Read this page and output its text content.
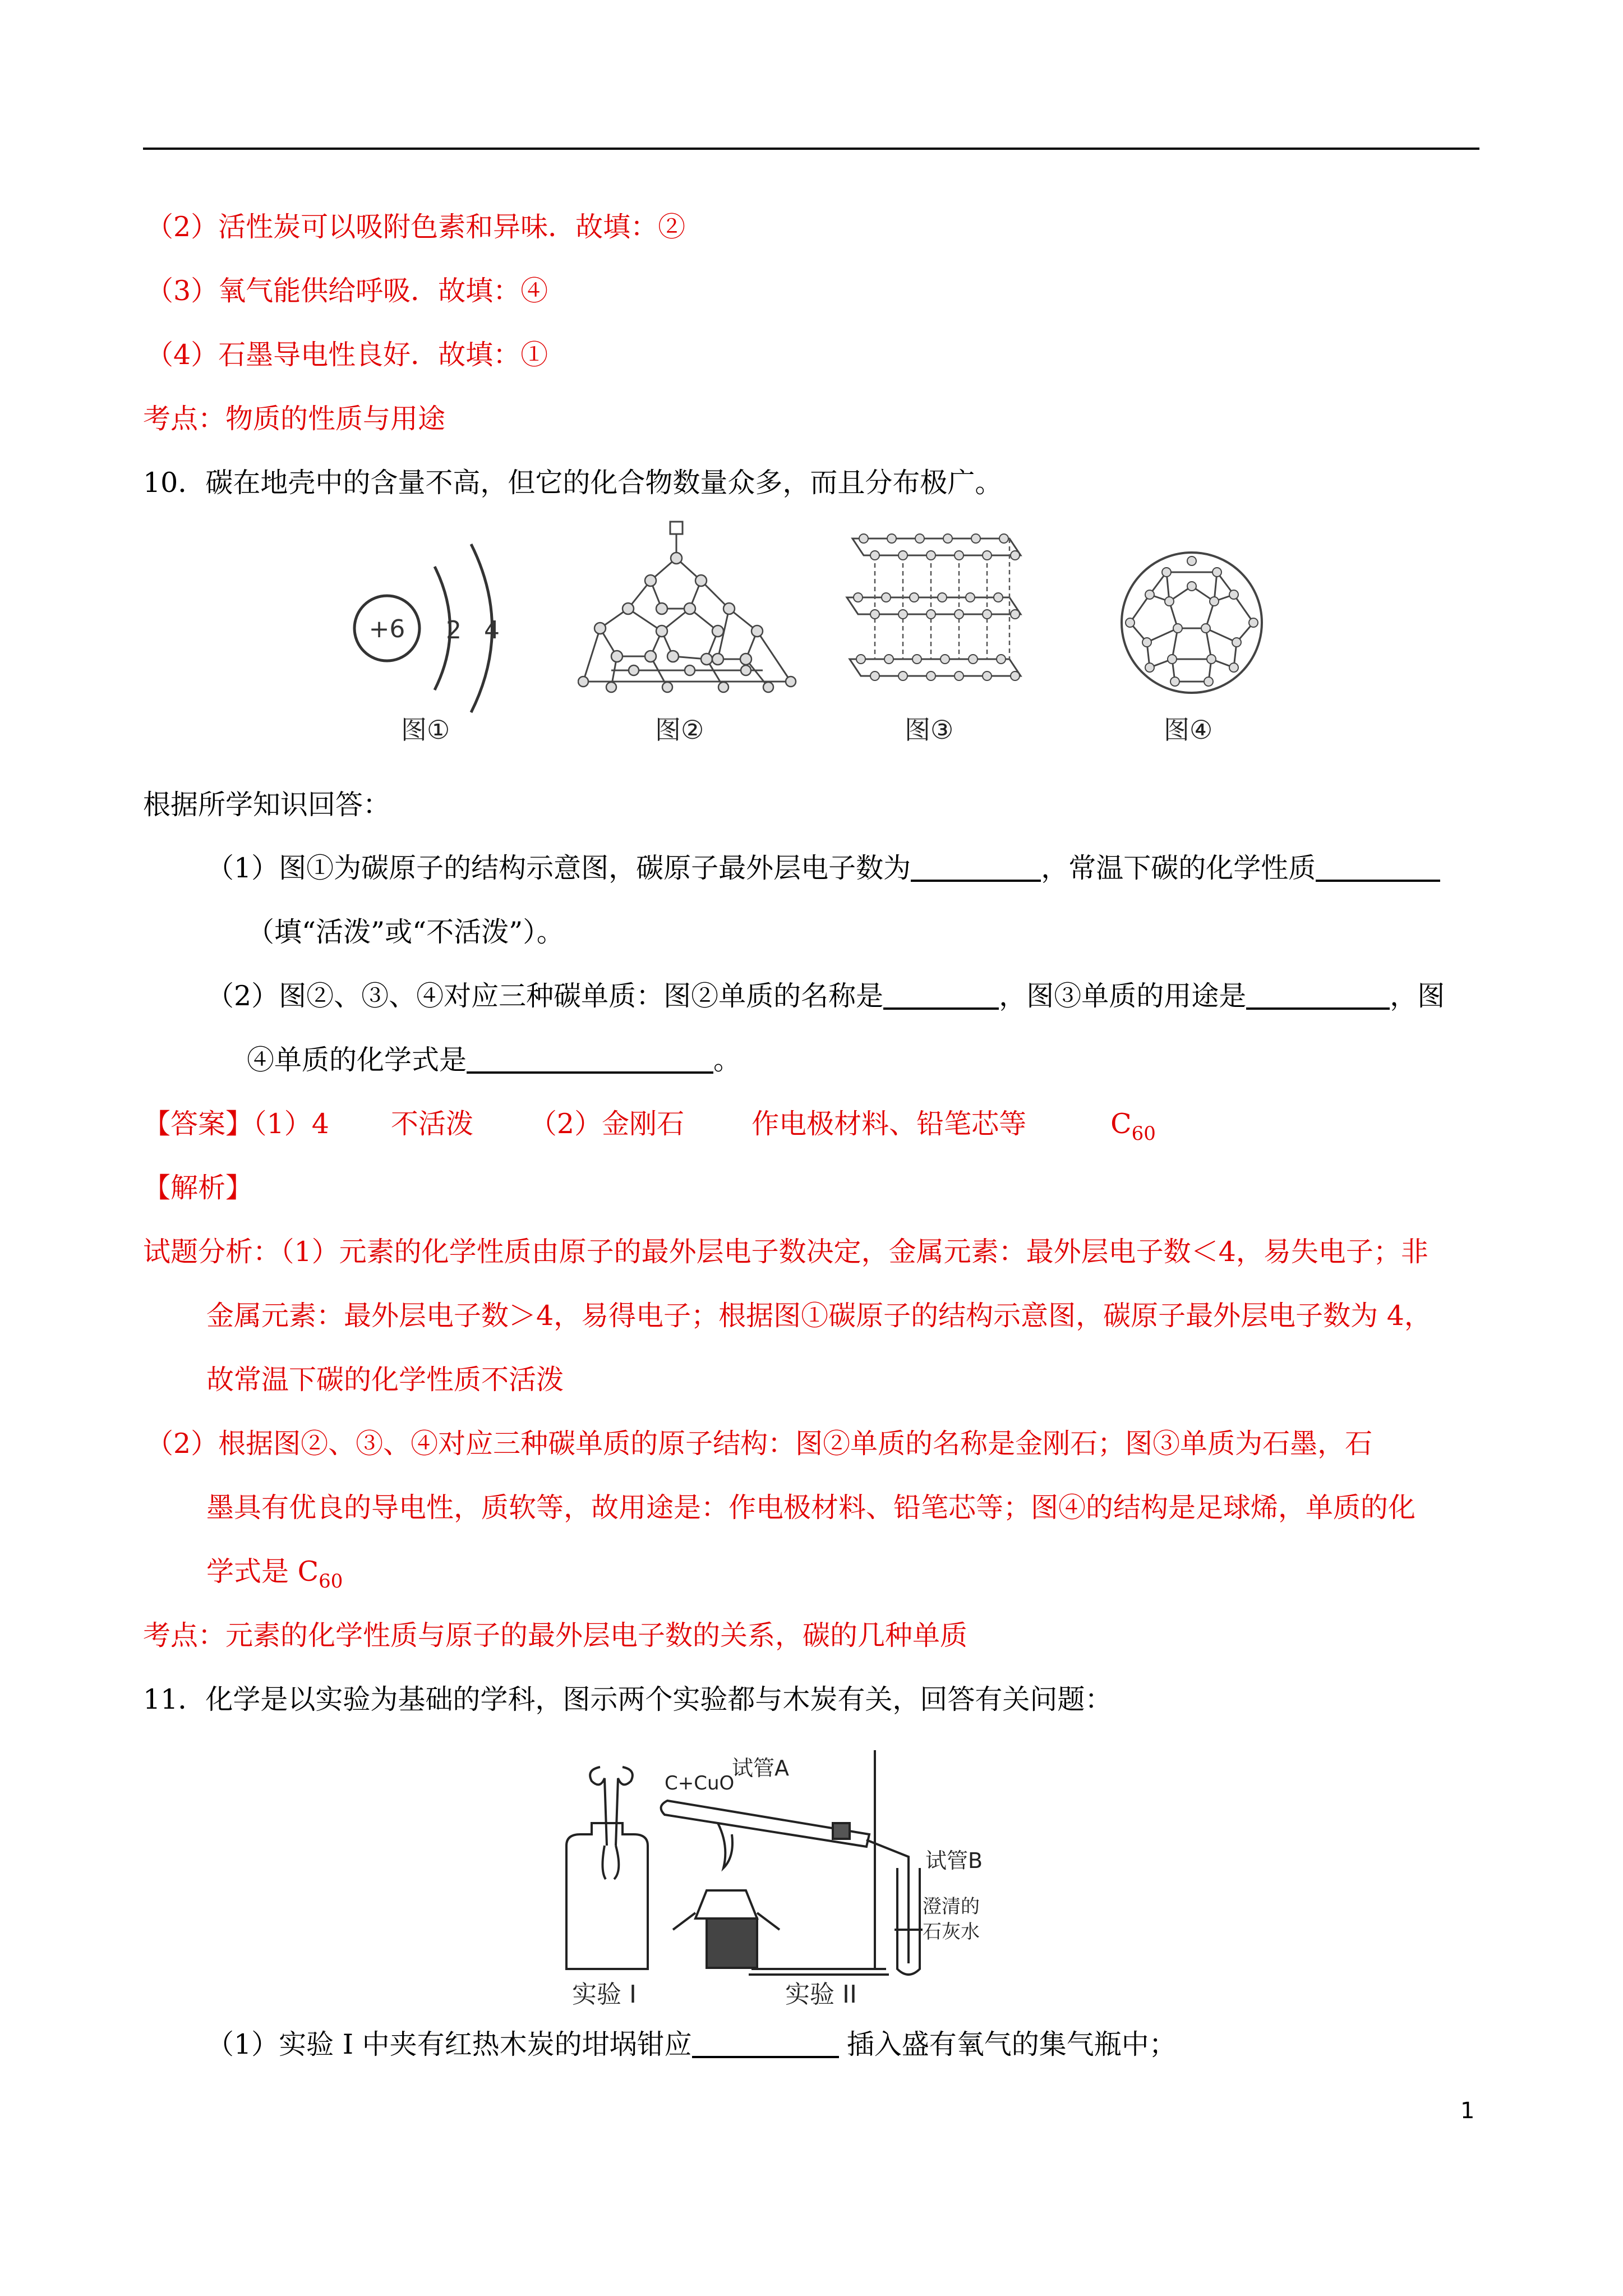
（2）活性炭可以吸附色素和异味．故填：②
（3）氧气能供给呼吸．故填：④
（4）石墨导电性良好．故填：①
考点：物质的性质与用途
10．碳在地壳中的含量不高，但它的化合物数量众多，而且分布极广。
+6 2 4
图①	图②	图③	图④
根据所学知识回答：
（1）图①为碳原子的结构示意图，碳原子最外层电子数为	，常温下碳的化学性质
（填“活泼”或“不活泼”）。
（2）图②、③、④对应三种碳单质：图②单质的名称是	，图③单质的用途是	，图
④单质的化学式是	。
【答案】（1）4 不活泼 （2）金刚石 作电极材料、铅笔芯等	$C_{60}$
【解析】
试题分析：（1）元素的化学性质由原子的最外层电子数决定，金属元素：最外层电子数＜4，易失电子；非
金属元素：最外层电子数＞4，易得电子；根据图①碳原子的结构示意图，碳原子最外层电子数为 4，
故常温下碳的化学性质不活泼
（2）根据图②、③、④对应三种碳单质的原子结构：图②单质的名称是金刚石；图③单质为石墨，石
墨具有优良的导电性，质软等，故用途是：作电极材料、铅笔芯等；图④的结构是足球烯，单质的化
学式是 $C_{60}$
考点：元素的化学性质与原子的最外层电子数的关系，碳的几种单质
11．化学是以实验为基础的学科，图示两个实验都与木炭有关，回答有关问题：
C+CuO
试管A
试管B
澄清的
石灰水
实验 I	实验 II
（1）实验 I 中夹有红热木炭的坩埚钳应	插入盛有氧气的集气瓶中；
1
